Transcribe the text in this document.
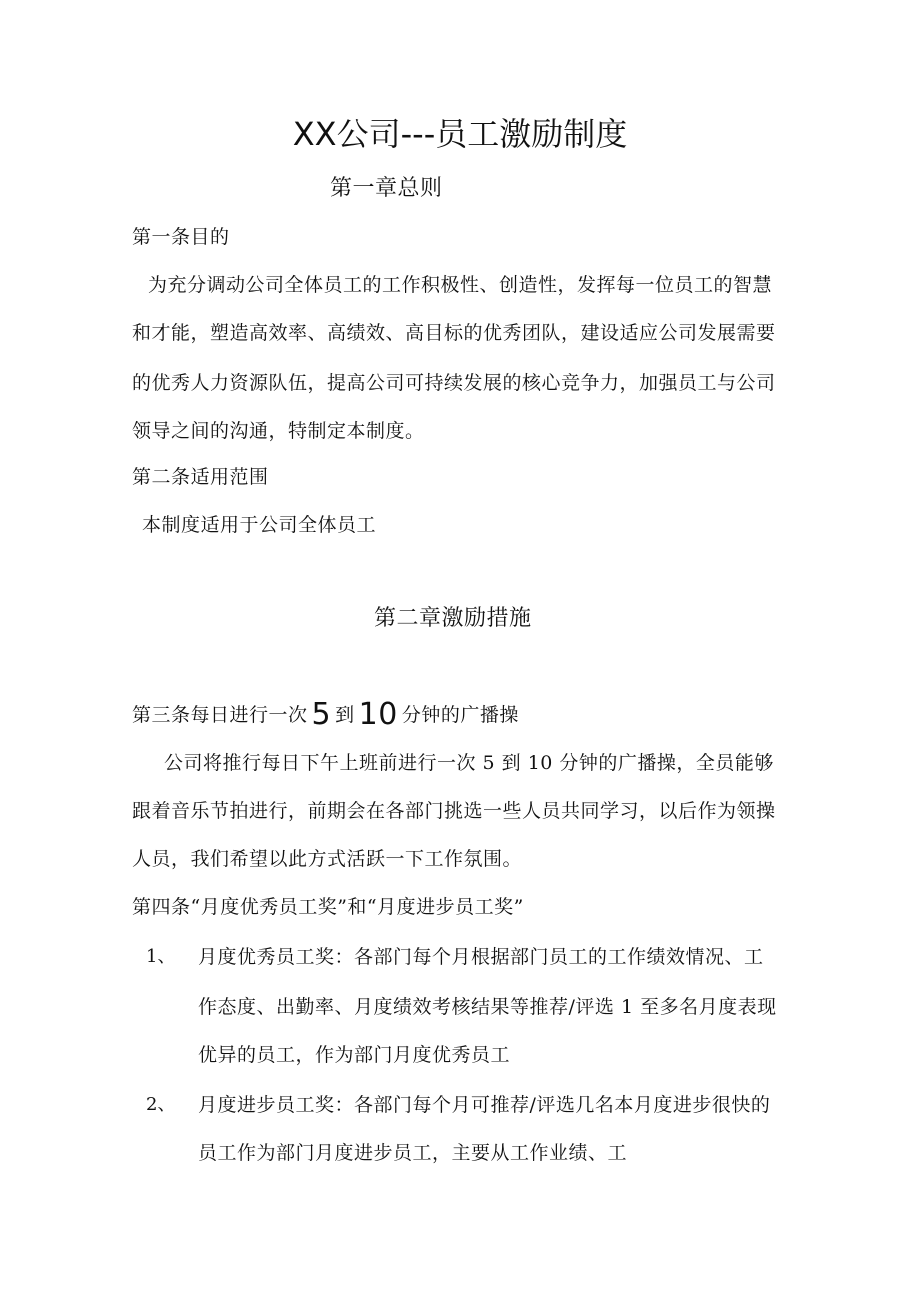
XX公司---员工激励制度
第一章总则
第一条目的
为充分调动公司全体员工的工作积极性、创造性，发挥每一位员工的智慧
和才能，塑造高效率、高绩效、高目标的优秀团队，建设适应公司发展需要
的优秀人力资源队伍，提高公司可持续发展的核心竞争力，加强员工与公司
领导之间的沟通，特制定本制度。
第二条适用范围
本制度适用于公司全体员工
第二章激励措施
第三条每日进行一次 5 到 10 分钟的广播操
公司将推行每日下午上班前进行一次 5 到 10 分钟的广播操，全员能够
跟着音乐节拍进行，前期会在各部门挑选一些人员共同学习，以后作为领操
人员，我们希望以此方式活跃一下工作氛围。
第四条“月度优秀员工奖”和“月度进步员工奖”
1、 月度优秀员工奖：各部门每个月根据部门员工的工作绩效情况、工
作态度、出勤率、月度绩效考核结果等推荐/评选 1 至多名月度表现
优异的员工，作为部门月度优秀员工
2、 月度进步员工奖：各部门每个月可推荐/评选几名本月度进步很快的
员工作为部门月度进步员工，主要从工作业绩、工
